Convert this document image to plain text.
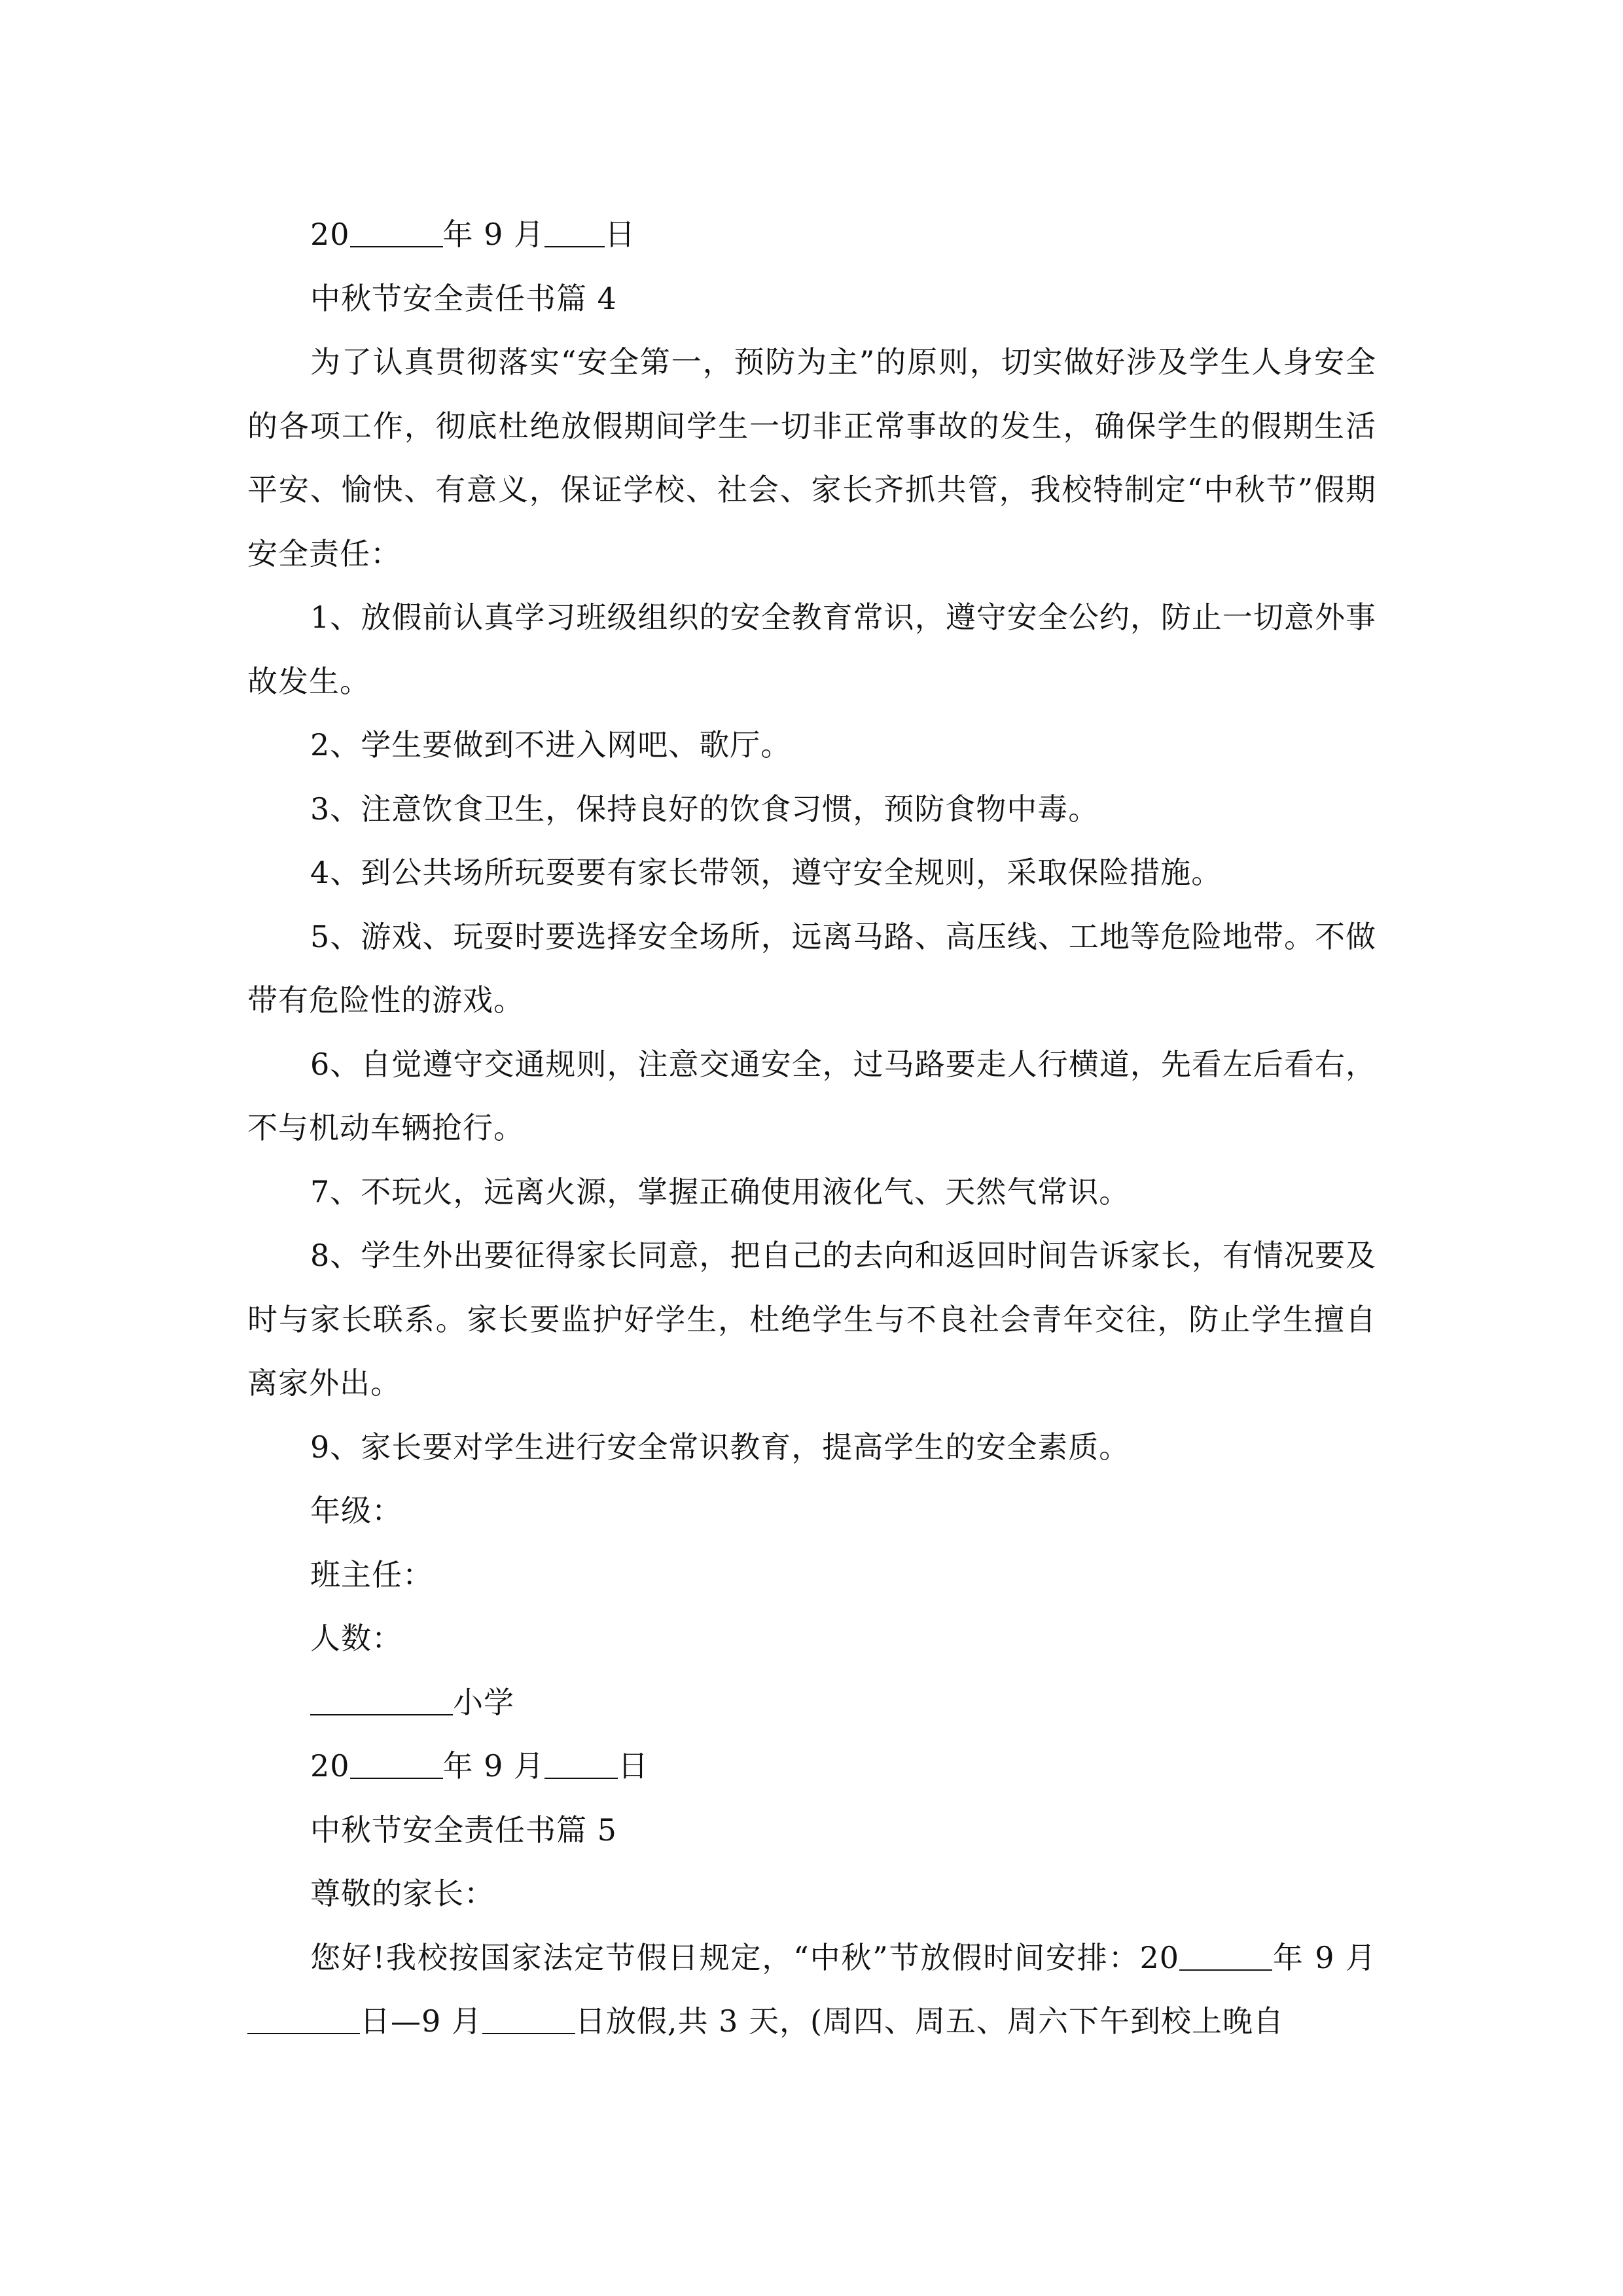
20	年 9 月 日

中秋节安全责任书篇 4

为了认真贯彻落实“安全第一，预防为主”的原则，切实做好涉及学生人身安全的各项工作，彻底杜绝放假期间学生一切非正常事故的发生，确保学生的假期生活平安、愉快、有意义，保证学校、社会、家长齐抓共管，我校特制定“中秋节”假期安全责任：

1、放假前认真学习班级组织的安全教育常识，遵守安全公约，防止一切意外事故发生。

2、学生要做到不进入网吧、歌厅。

3、注意饮食卫生，保持良好的饮食习惯，预防食物中毒。

4、到公共场所玩耍要有家长带领，遵守安全规则，采取保险措施。

5、游戏、玩耍时要选择安全场所，远离马路、高压线、工地等危险地带。不做带有危险性的游戏。

6、自觉遵守交通规则，注意交通安全，过马路要走人行横道，先看左后看右，不与机动车辆抢行。

7、不玩火，远离火源，掌握正确使用液化气、天然气常识。

8、学生外出要征得家长同意，把自己的去向和返回时间告诉家长，有情况要及时与家长联系。家长要监护好学生，杜绝学生与不良社会青年交往，防止学生擅自离家外出。

9、家长要对学生进行安全常识教育，提高学生的安全素质。

年级：

班主任：

人数：

小学

20	年 9 月 日

中秋节安全责任书篇 5

尊敬的家长：

您好!我校按国家法定节假日规定，“中秋”节放假时间安排：20	年 9 月日—9 月	日放假,共 3 天，(周四、周五、周六下午到校上晚自
